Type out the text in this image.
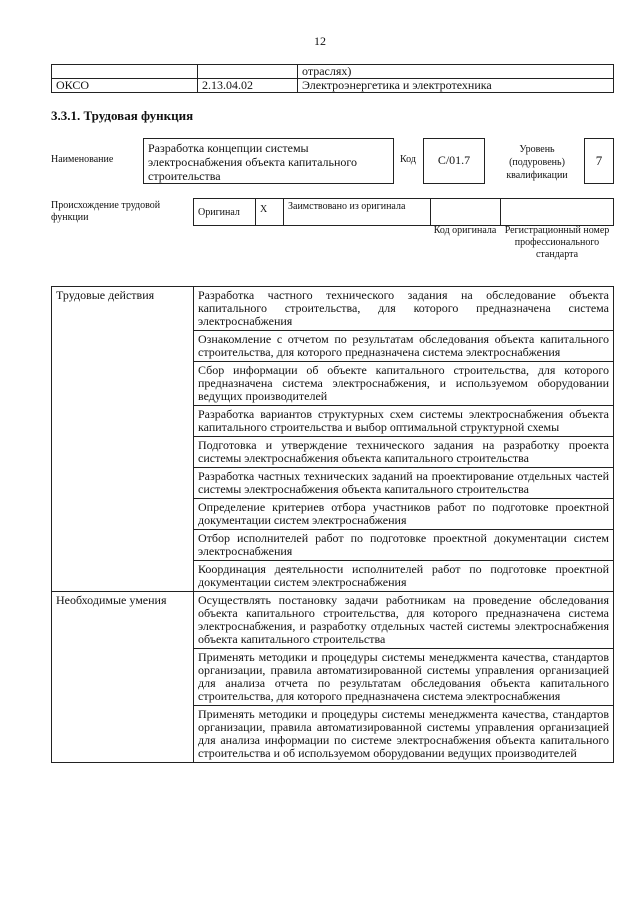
12
		отраслях)
ОКСО	2.13.04.02	Электроэнергетика и электротехника
3.3.1. Трудовая функция
Наименование
Разработка концепции системы электроснабжения объекта капитального строительства
Код	С/01.7
Уровень (подуровень) квалификации
7
Происхождение трудовой функции	Оригинал	Х	Заимствовано из оригинала		
Код оригинала Регистрационный номер профессионального стандарта
Трудовые действия	Разработка частного технического задания на обследование объекта капитального строительства, для которого предназначена система электроснабжения
	Ознакомление с отчетом по результатам обследования объекта капитального строительства, для которого предназначена система электроснабжения
	Сбор информации об объекте капитального строительства, для которого предназначена система электроснабжения, и используемом оборудовании ведущих производителей
	Разработка вариантов структурных схем системы электроснабжения объекта капитального строительства и выбор оптимальной структурной схемы
	Подготовка и утверждение технического задания на разработку проекта системы электроснабжения объекта капитального строительства
	Разработка частных технических заданий на проектирование отдельных частей системы электроснабжения объекта капитального строительства
	Определение критериев отбора участников работ по подготовке проектной документации систем электроснабжения
	Отбор исполнителей работ по подготовке проектной документации систем электроснабжения
	Координация деятельности исполнителей работ по подготовке проектной документации систем электроснабжения
Необходимые умения	Осуществлять постановку задачи работникам на проведение обследования объекта капитального строительства, для которого предназначена система электроснабжения, и разработку отдельных частей системы электроснабжения объекта капитального строительства
	Применять методики и процедуры системы менеджмента качества, стандартов организации, правила автоматизированной системы управления организацией для анализа отчета по результатам обследования объекта капитального строительства, для которого предназначена система электроснабжения
	Применять методики и процедуры системы менеджмента качества, стандартов организации, правила автоматизированной системы управления организацией для анализа информации по системе электроснабжения объекта капитального строительства и об используемом оборудовании ведущих производителей
